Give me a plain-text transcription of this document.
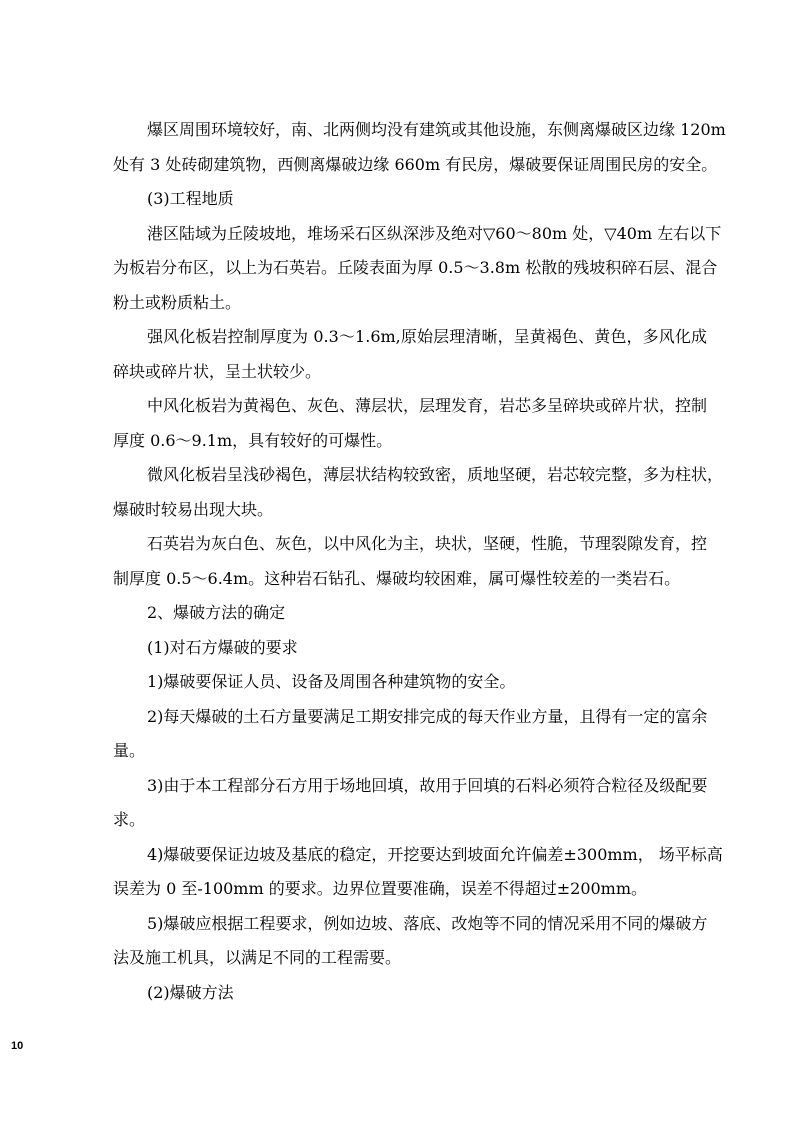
爆区周围环境较好，南、北两侧均没有建筑或其他设施，东侧离爆破区边缘 120m
处有 3 处砖砌建筑物，西侧离爆破边缘 660m 有民房，爆破要保证周围民房的安全。
(3)工程地质
港区陆域为丘陵坡地，堆场采石区纵深涉及绝对▽60～80m 处，▽40m 左右以下
为板岩分布区，以上为石英岩。丘陵表面为厚 0.5～3.8m 松散的残坡积碎石层、混合
粉土或粉质粘土。
强风化板岩控制厚度为 0.3～1.6m,原始层理清晰，呈黄褐色、黄色，多风化成
碎块或碎片状，呈土状较少。
中风化板岩为黄褐色、灰色、薄层状，层理发育，岩芯多呈碎块或碎片状，控制
厚度 0.6～9.1m，具有较好的可爆性。
微风化板岩呈浅砂褐色，薄层状结构较致密，质地坚硬，岩芯较完整，多为柱状，
爆破时较易出现大块。
石英岩为灰白色、灰色，以中风化为主，块状，坚硬，性脆，节理裂隙发育，控
制厚度 0.5～6.4m。这种岩石钻孔、爆破均较困难，属可爆性较差的一类岩石。
2、爆破方法的确定
(1)对石方爆破的要求
1)爆破要保证人员、设备及周围各种建筑物的安全。
2)每天爆破的土石方量要满足工期安排完成的每天作业方量，且得有一定的富余
量。
3)由于本工程部分石方用于场地回填，故用于回填的石料必须符合粒径及级配要
求。
4)爆破要保证边坡及基底的稳定，开挖要达到坡面允许偏差±300mm， 场平标高
误差为 0 至-100mm 的要求。边界位置要准确，误差不得超过±200mm。
5)爆破应根据工程要求，例如边坡、落底、改炮等不同的情况采用不同的爆破方
法及施工机具，以满足不同的工程需要。
(2)爆破方法
10
